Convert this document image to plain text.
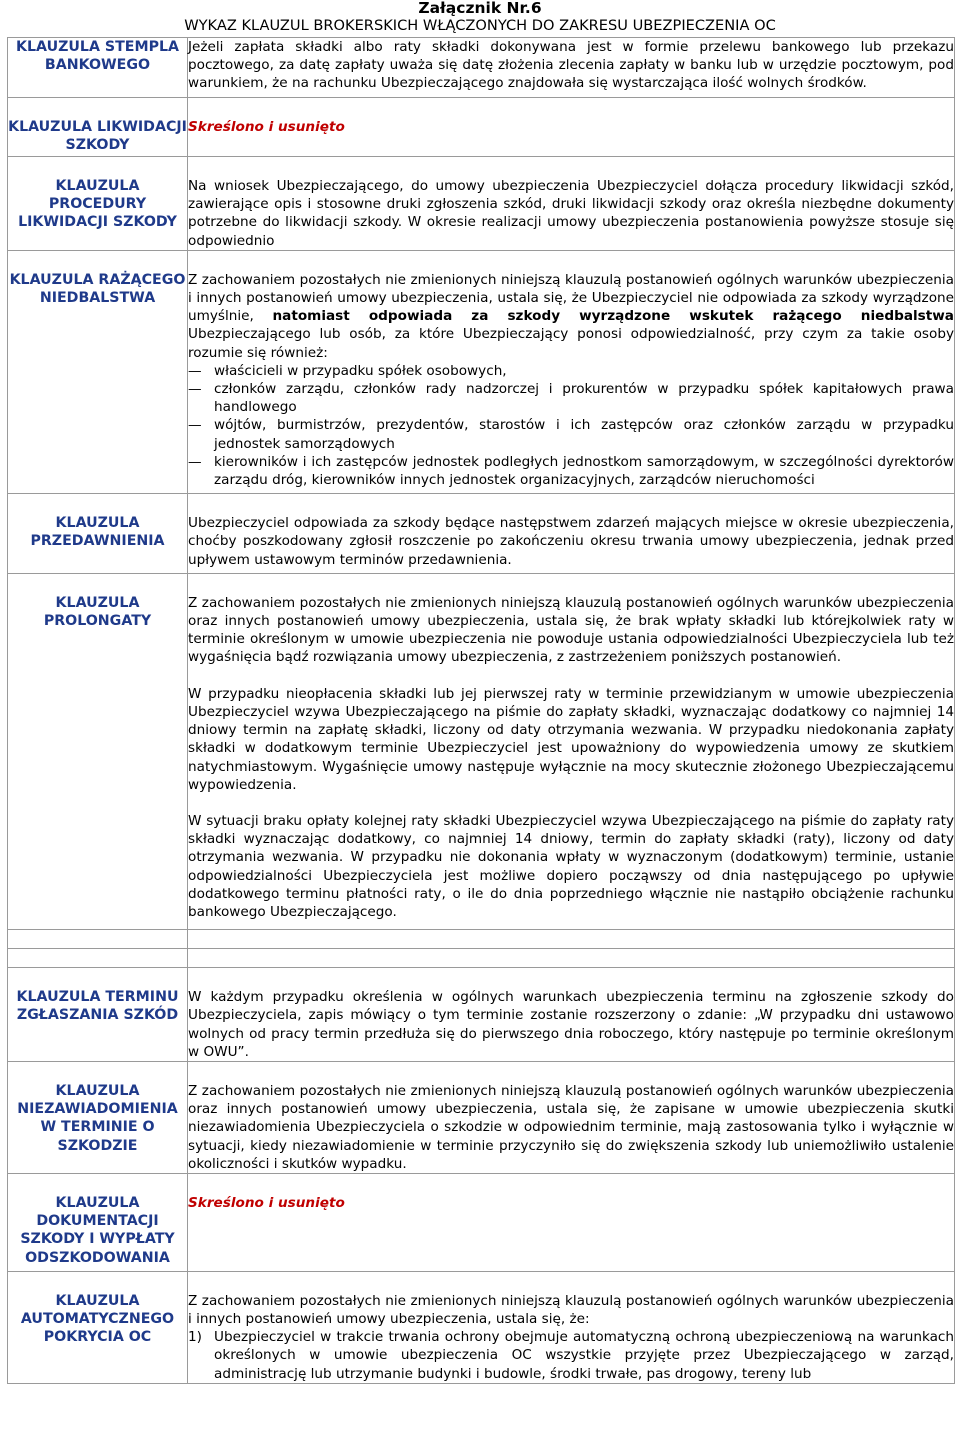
Załącznik Nr.6
WYKAZ KLAUZUL BROKERSKICH WŁĄCZONYCH DO ZAKRESU UBEZPIECZENIA OC
KLAUZULA STEMPLA BANKOWEGO	Jeżeli zapłata składki albo raty składki dokonywana jest w formie przelewu bankowego lub przekazu pocztowego, za datę zapłaty uważa się datę złożenia zlecenia zapłaty w banku lub w urzędzie pocztowym, pod warunkiem, że na rachunku Ubezpieczającego znajdowała się wystarczająca ilość wolnych środków.

KLAUZULA LIKWIDACJI SZKODY	Skreślono i usunięto

KLAUZULA PROCEDURY LIKWIDACJI SZKODY	Na wniosek Ubezpieczającego, do umowy ubezpieczenia Ubezpieczyciel dołącza procedury likwidacji szkód, zawierające opis i stosowne druki zgłoszenia szkód, druki likwidacji szkody oraz określa niezbędne dokumenty potrzebne do likwidacji szkody. W okresie realizacji umowy ubezpieczenia postanowienia powyższe stosuje się odpowiednio

KLAUZULA RAŻĄCEGO NIEDBALSTWA	Z zachowaniem pozostałych nie zmienionych niniejszą klauzulą postanowień ogólnych warunków ubezpieczenia i innych postanowień umowy ubezpieczenia, ustala się, że Ubezpieczyciel nie odpowiada za szkody wyrządzone umyślnie, natomiast odpowiada za szkody wyrządzone wskutek rażącego niedbalstwa Ubezpieczającego lub osób, za które Ubezpieczający ponosi odpowiedzialność, przy czym za takie osoby rozumie się również:

— właścicieli w przypadku spółek osobowych,

— członków zarządu, członków rady nadzorczej i prokurentów w przypadku spółek kapitałowych prawa handlowego

— wójtów, burmistrzów, prezydentów, starostów i ich zastępców oraz członków zarządu w przypadku jednostek samorządowych

— kierowników i ich zastępców jednostek podległych jednostkom samorządowym, w szczególności dyrektorów zarządu dróg, kierowników innych jednostek organizacyjnych, zarządców nieruchomości

KLAUZULA PRZEDAWNIENIA	Ubezpieczyciel odpowiada za szkody będące następstwem zdarzeń mających miejsce w okresie ubezpieczenia, choćby poszkodowany zgłosił roszczenie po zakończeniu okresu trwania umowy ubezpieczenia, jednak przed upływem ustawowym terminów przedawnienia.

KLAUZULA PROLONGATY	Z zachowaniem pozostałych nie zmienionych niniejszą klauzulą postanowień ogólnych warunków ubezpieczenia oraz innych postanowień umowy ubezpieczenia, ustala się, że brak wpłaty składki lub którejkolwiek raty w terminie określonym w umowie ubezpieczenia nie powoduje ustania odpowiedzialności Ubezpieczyciela lub też wygaśnięcia bądź rozwiązania umowy ubezpieczenia, z zastrzeżeniem poniższych postanowień.

W przypadku nieopłacenia składki lub jej pierwszej raty w terminie przewidzianym w umowie ubezpieczenia Ubezpieczyciel wzywa Ubezpieczającego na piśmie do zapłaty składki, wyznaczając dodatkowy co najmniej 14 dniowy termin na zapłatę składki, liczony od daty otrzymania wezwania. W przypadku niedokonania zapłaty składki w dodatkowym terminie Ubezpieczyciel jest upoważniony do wypowiedzenia umowy ze skutkiem natychmiastowym. Wygaśnięcie umowy następuje wyłącznie na mocy skutecznie złożonego Ubezpieczającemu wypowiedzenia.

W sytuacji braku opłaty kolejnej raty składki Ubezpieczyciel wzywa Ubezpieczającego na piśmie do zapłaty raty składki wyznaczając dodatkowy, co najmniej 14 dniowy, termin do zapłaty składki (raty), liczony od daty otrzymania wezwania. W przypadku nie dokonania wpłaty w wyznaczonym (dodatkowym) terminie, ustanie odpowiedzialności Ubezpieczyciela jest możliwe dopiero począwszy od dnia następującego po upływie dodatkowego terminu płatności raty, o ile do dnia poprzedniego włącznie nie nastąpiło obciążenie rachunku bankowego Ubezpieczającego.

KLAUZULA TERMINU ZGŁASZANIA SZKÓD	W każdym przypadku określenia w ogólnych warunkach ubezpieczenia terminu na zgłoszenie szkody do Ubezpieczyciela, zapis mówiący o tym terminie zostanie rozszerzony o zdanie: „W przypadku dni ustawowo wolnych od pracy termin przedłuża się do pierwszego dnia roboczego, który następuje po terminie określonym w OWU”.

KLAUZULA NIEZAWIADOMIENIA W TERMINIE O SZKODZIE	Z zachowaniem pozostałych nie zmienionych niniejszą klauzulą postanowień ogólnych warunków ubezpieczenia oraz innych postanowień umowy ubezpieczenia, ustala się, że zapisane w umowie ubezpieczenia skutki niezawiadomienia Ubezpieczyciela o szkodzie w odpowiednim terminie, mają zastosowania tylko i wyłącznie w sytuacji, kiedy niezawiadomienie w terminie przyczyniło się do zwiększenia szkody lub uniemożliwiło ustalenie okoliczności i skutków wypadku.

KLAUZULA DOKUMENTACJI SZKODY I WYPŁATY ODSZKODOWANIA	Skreślono i usunięto

KLAUZULA AUTOMATYCZNEGO POKRYCIA OC	Z zachowaniem pozostałych nie zmienionych niniejszą klauzulą postanowień ogólnych warunków ubezpieczenia i innych postanowień umowy ubezpieczenia, ustala się, że:

1) Ubezpieczyciel w trakcie trwania ochrony obejmuje automatyczną ochroną ubezpieczeniową na warunkach określonych w umowie ubezpieczenia OC wszystkie przyjęte przez Ubezpieczającego w zarząd, administrację lub utrzymanie budynki i budowle, środki trwałe, pas drogowy, tereny lub
